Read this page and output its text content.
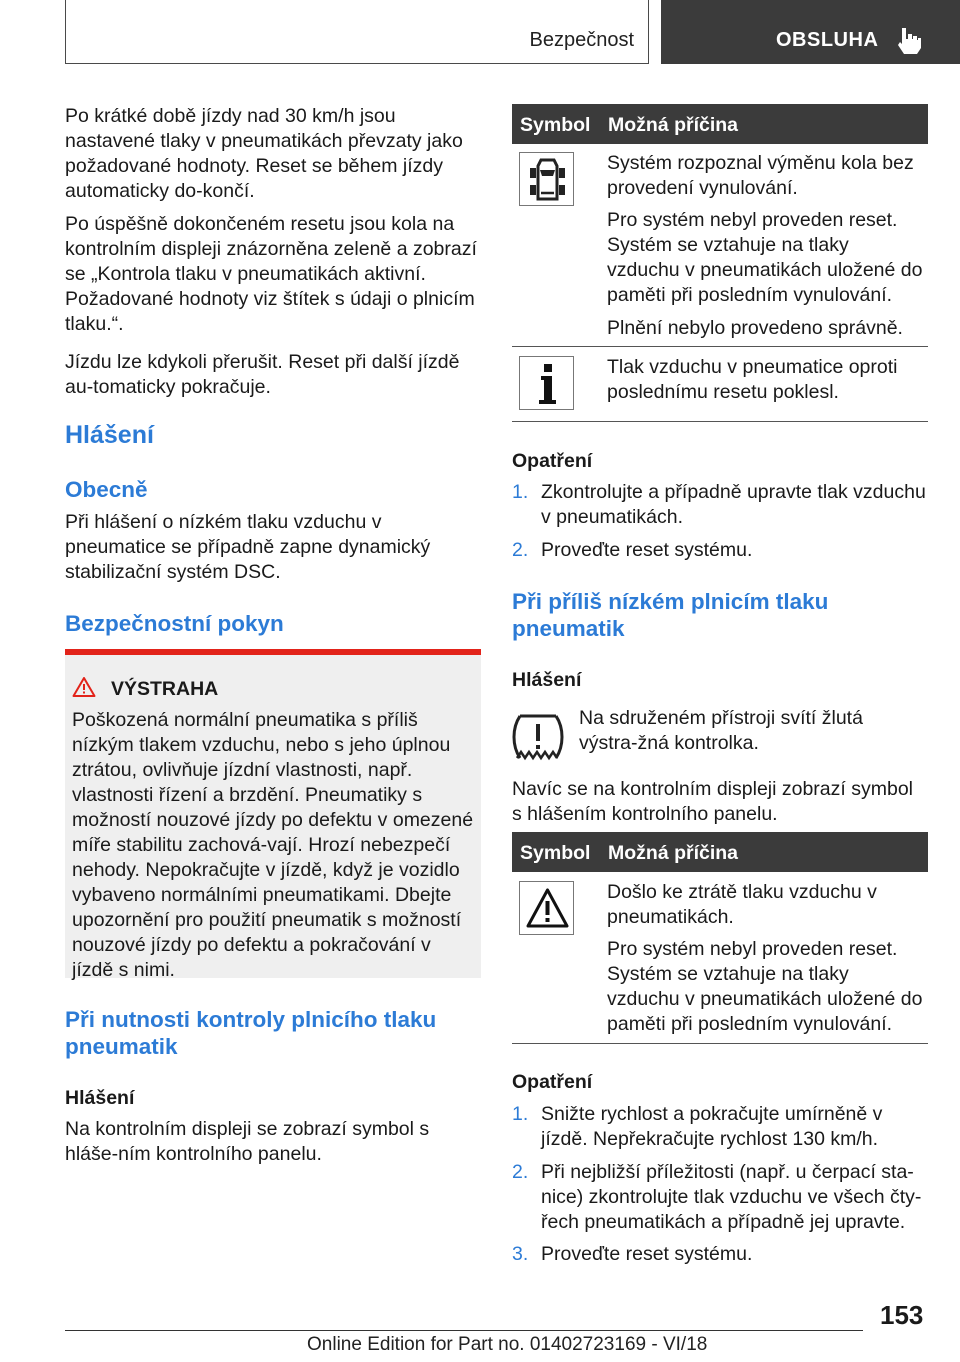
Bezpečnost	OBSLUHA

Po krátké době jízdy nad 30 km/h jsou nastavené tlaky v pneumatikách převzaty jako požadované hodnoty. Reset se během jízdy automaticky do‐končí.

Po úspěšně dokončeném resetu jsou kola na kontrolním displeji znázorněna zeleně a zobrazí se „Kontrola tlaku v pneumatikách aktivní. Požadované hodnoty viz štítek s údaji o plnicím tlaku.“.

Jízdu lze kdykoli přerušit. Reset při další jízdě au‐tomaticky pokračuje.

Hlášení
Obecně

Při hlášení o nízkém tlaku vzduchu v pneumatice se případně zapne dynamický stabilizační systém DSC.

Bezpečnostní pokyn
VÝSTRAHA

Poškozená normální pneumatika s příliš nízkým tlakem vzduchu, nebo s jeho úplnou ztrátou, ovlivňuje jízdní vlastnosti, např. vlastnosti řízení a brzdění. Pneumatiky s možností nouzové jízdy po defektu v omezené míře stabilitu zachová‐vají. Hrozí nebezpečí nehody. Nepokračujte v jízdě, když je vozidlo vybaveno normálními pneumatikami. Dbejte upozornění pro použití pneumatik s možností nouzové jízdy po defektu a pokračování v jízdě s nimi.

Při nutnosti kontroly plnicího tlaku pneumatik
Hlášení

Na kontrolním displeji se zobrazí symbol s hláše‐ním kontrolního panelu.

Symbol Možná příčina

Systém rozpoznal výměnu kola bez provedení vynulování.

Pro systém nebyl proveden reset. Systém se vztahuje na tlaky vzduchu v pneumatikách uložené do paměti při posledním vynulování.

Plnění nebylo provedeno správně.

Tlak vzduchu v pneumatice oproti poslednímu resetu poklesl.

Opatření
1. Zkontrolujte a případně upravte tlak vzduchu v pneumatikách.
2. Proveďte reset systému.
Při příliš nízkém plnicím tlaku pneumatik
Hlášení

Na sdruženém přístroji svítí žlutá výstra‐žná kontrolka.

Navíc se na kontrolním displeji zobrazí symbol s hlášením kontrolního panelu.

Symbol Možná příčina

Došlo ke ztrátě tlaku vzduchu v pneumatikách.

Pro systém nebyl proveden reset. Systém se vztahuje na tlaky vzduchu v pneumatikách uložené do paměti při posledním vynulování.

Opatření
1. Snižte rychlost a pokračujte umírněně v jízdě. Nepřekračujte rychlost 130 km/h.
2. Při nejbližší příležitosti (např. u čerpací sta‐nice) zkontrolujte tlak vzduchu ve všech čty‐řech pneumatikách a případně jej upravte.
3. Proveďte reset systému.
153
Online Edition for Part no. 01402723169 - VI/18
